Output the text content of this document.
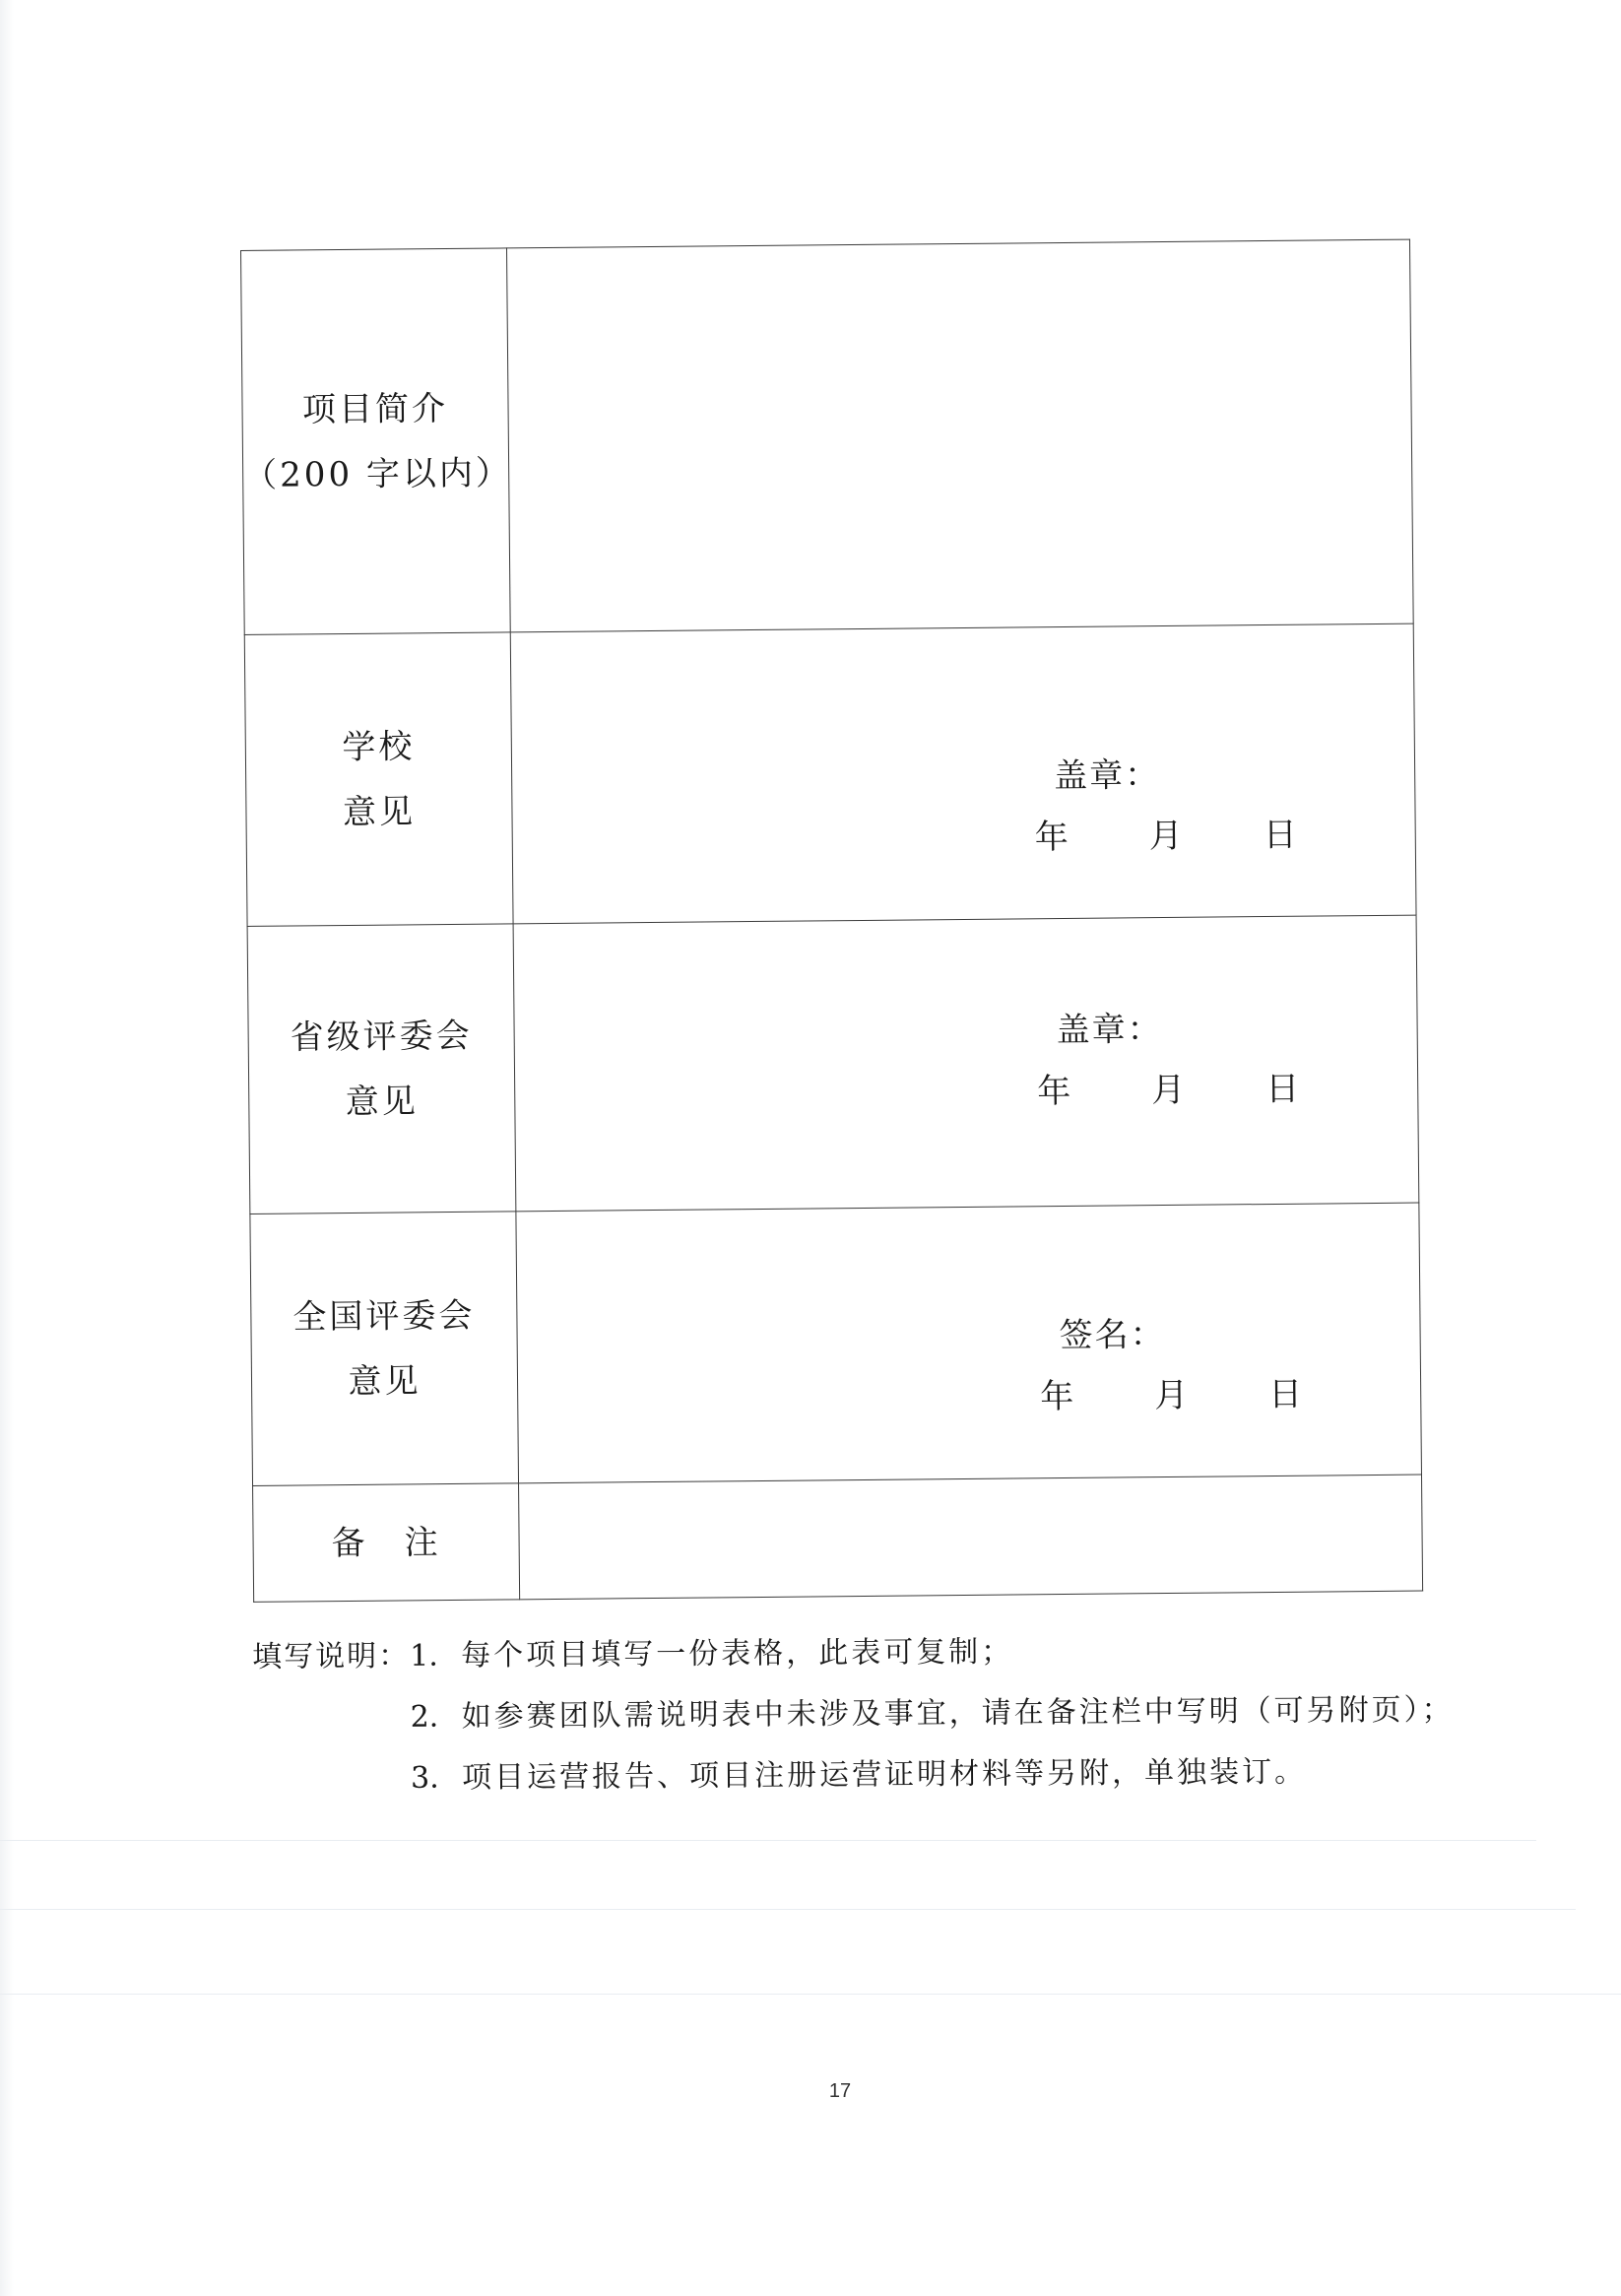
项目简介
（200 字以内）	

学校
意见	盖章：
年 月 日

省级评委会
意见	盖章：
年 月 日

全国评委会
意见	签名：
年 月 日

备　注	

填写说明： 1. 每个项目填写一份表格，此表可复制；
2. 如参赛团队需说明表中未涉及事宜，请在备注栏中写明（可另附页）；
3. 项目运营报告、项目注册运营证明材料等另附，单独装订。
17
